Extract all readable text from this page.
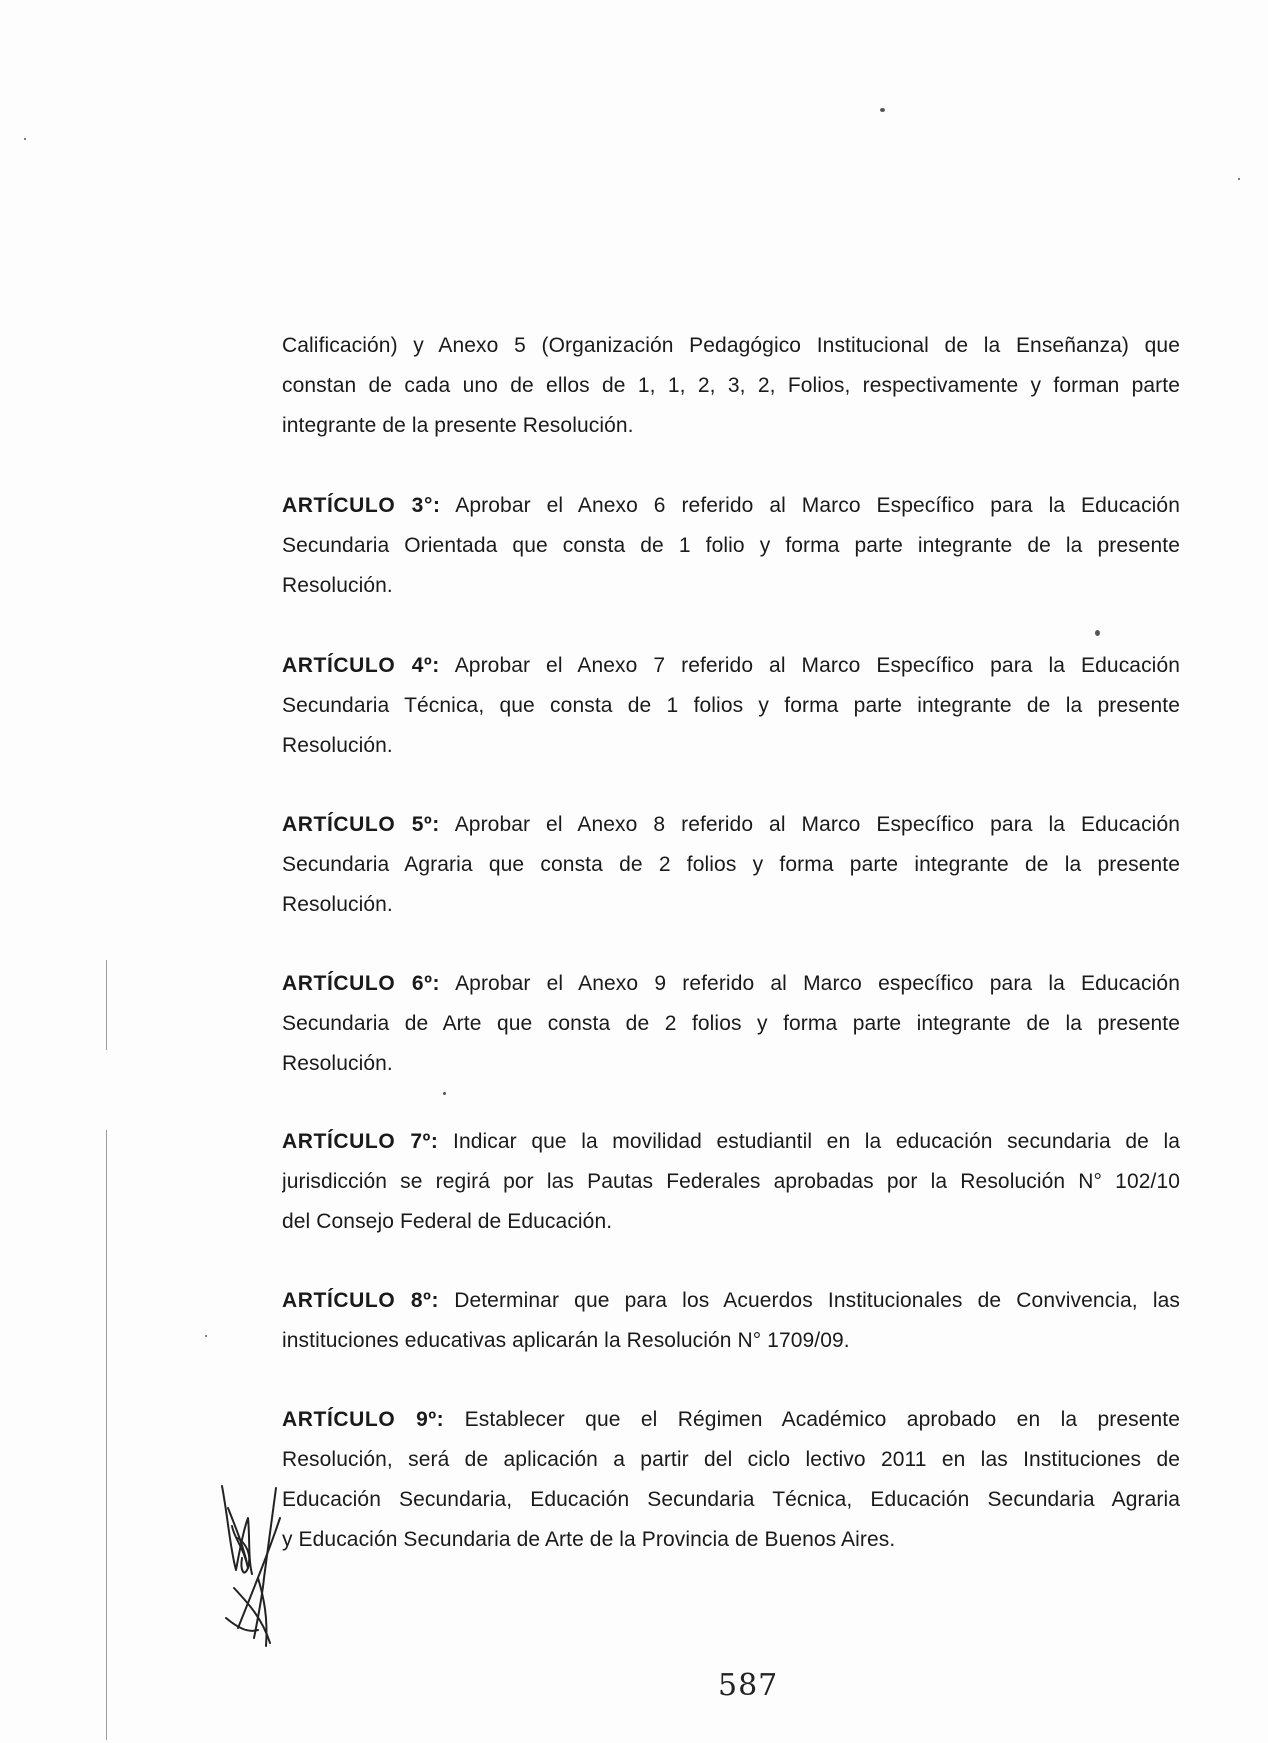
Calificación) y Anexo 5 (Organización Pedagógico Institucional de la Enseñanza) que
constan de cada uno de ellos de 1, 1, 2, 3, 2, Folios, respectivamente y forman parte
integrante de la presente Resolución.
ARTÍCULO 3°: Aprobar el Anexo 6 referido al Marco Específico para la Educación
Secundaria Orientada que consta de 1 folio y forma parte integrante de la presente
Resolución.
ARTÍCULO 4º: Aprobar el Anexo 7 referido al Marco Específico para la Educación
Secundaria Técnica, que consta de 1 folios y forma parte integrante de la presente
Resolución.
ARTÍCULO 5º: Aprobar el Anexo 8 referido al Marco Específico para la Educación
Secundaria Agraria que consta de 2 folios y forma parte integrante de la presente
Resolución.
ARTÍCULO 6º: Aprobar el Anexo 9 referido al Marco específico para la Educación
Secundaria de Arte que consta de 2 folios y forma parte integrante de la presente
Resolución.
ARTÍCULO 7º: Indicar que la movilidad estudiantil en la educación secundaria de la
jurisdicción se regirá por las Pautas Federales aprobadas por la Resolución N° 102/10
del Consejo Federal de Educación.
ARTÍCULO 8º: Determinar que para los Acuerdos Institucionales de Convivencia, las
instituciones educativas aplicarán la Resolución N° 1709/09.
ARTÍCULO 9º: Establecer que el Régimen Académico aprobado en la presente
Resolución, será de aplicación a partir del ciclo lectivo 2011 en las Instituciones de
Educación Secundaria, Educación Secundaria Técnica, Educación Secundaria Agraria
y Educación Secundaria de Arte de la Provincia de Buenos Aires.
587
